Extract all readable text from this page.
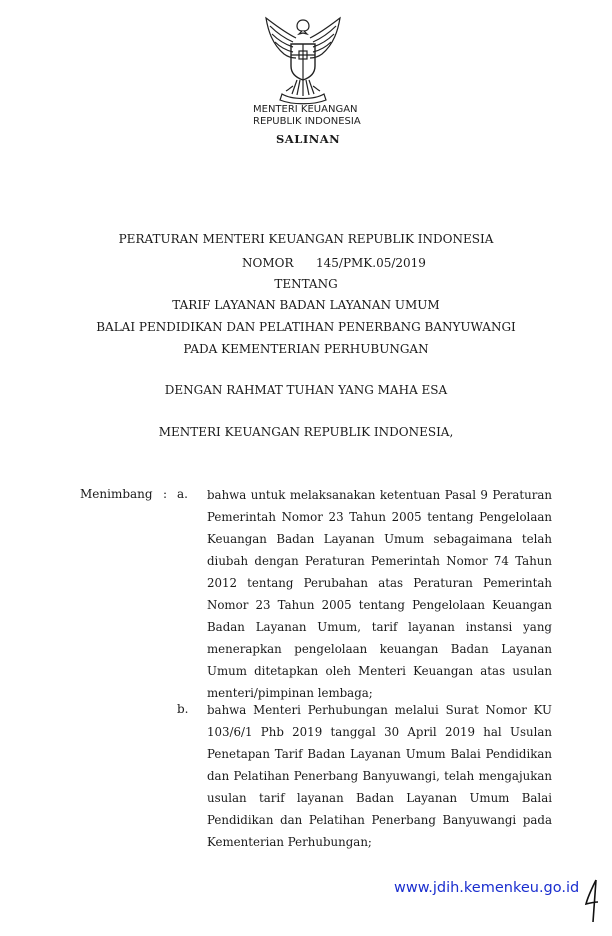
MENTERI KEUANGAN
REPUBLIK INDONESIA
SALINAN
PERATURAN MENTERI KEUANGAN REPUBLIK INDONESIA
NOMOR 145/PMK.05/2019
TENTANG
TARIF LAYANAN BADAN LAYANAN UMUM
BALAI PENDIDIKAN DAN PELATIHAN PENERBANG BANYUWANGI
PADA KEMENTERIAN PERHUBUNGAN
DENGAN RAHMAT TUHAN YANG MAHA ESA
MENTERI KEUANGAN REPUBLIK INDONESIA,
Menimbang : a. bahwa untuk melaksanakan ketentuan Pasal 9 Peraturan Pemerintah Nomor 23 Tahun 2005 tentang Pengelolaan Keuangan Badan Layanan Umum sebagaimana telah diubah dengan Peraturan Pemerintah Nomor 74 Tahun 2012 tentang Perubahan atas Peraturan Pemerintah Nomor 23 Tahun 2005 tentang Pengelolaan Keuangan Badan Layanan Umum, tarif layanan instansi yang menerapkan pengelolaan keuangan Badan Layanan Umum ditetapkan oleh Menteri Keuangan atas usulan menteri/pimpinan lembaga;
b. bahwa Menteri Perhubungan melalui Surat Nomor KU 103/6/1 Phb 2019 tanggal 30 April 2019 hal Usulan Penetapan Tarif Badan Layanan Umum Balai Pendidikan dan Pelatihan Penerbang Banyuwangi, telah mengajukan usulan tarif layanan Badan Layanan Umum Balai Pendidikan dan Pelatihan Penerbang Banyuwangi pada Kementerian Perhubungan;
www.jdih.kemenkeu.go.id
